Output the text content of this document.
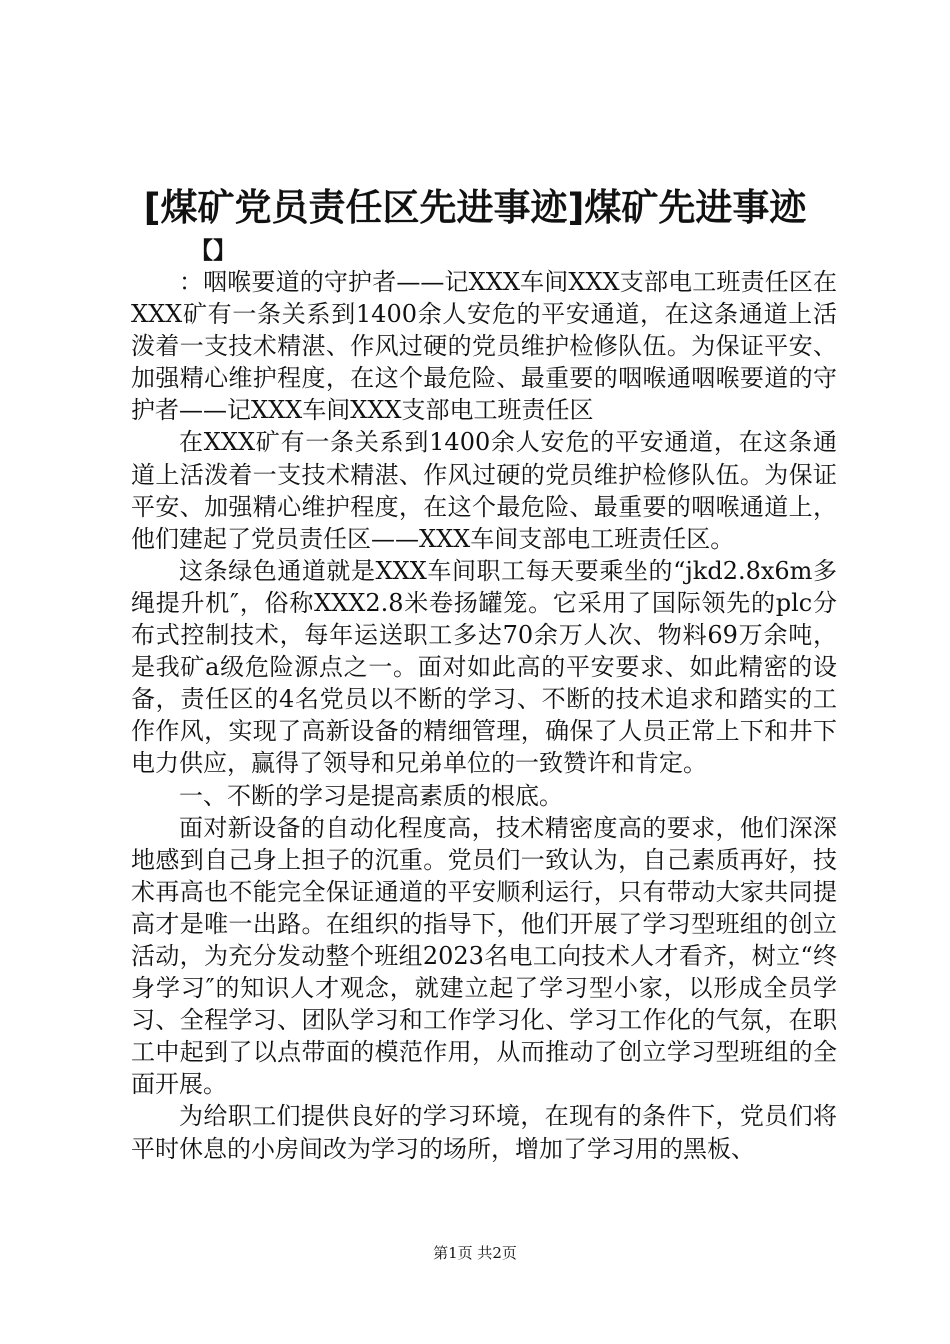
[煤矿党员责任区先进事迹]煤矿先进事迹
【】

：咽喉要道的守护者——记XXX车间XXX支部电工班责任区在XXX矿有一条关系到1400余人安危的平安通道，在这条通道上活泼着一支技术精湛、作风过硬的党员维护检修队伍。为保证平安、加强精心维护程度，在这个最危险、最重要的咽喉通咽喉要道的守护者——记XXX车间XXX支部电工班责任区

在XXX矿有一条关系到1400余人安危的平安通道，在这条通道上活泼着一支技术精湛、作风过硬的党员维护检修队伍。为保证平安、加强精心维护程度，在这个最危险、最重要的咽喉通道上，他们建起了党员责任区——XXX车间支部电工班责任区。

这条绿色通道就是XXX车间职工每天要乘坐的“jkd2.8x6m多绳提升机″，俗称XXX2.8米卷扬罐笼。它采用了国际领先的plc分布式控制技术，每年运送职工多达70余万人次、物料69万余吨，是我矿a级危险源点之一。面对如此高的平安要求、如此精密的设备，责任区的4名党员以不断的学习、不断的技术追求和踏实的工作作风，实现了高新设备的精细管理，确保了人员正常上下和井下电力供应，赢得了领导和兄弟单位的一致赞许和肯定。

一、不断的学习是提高素质的根底。

面对新设备的自动化程度高，技术精密度高的要求，他们深深地感到自己身上担子的沉重。党员们一致认为，自己素质再好，技术再高也不能完全保证通道的平安顺利运行，只有带动大家共同提高才是唯一出路。在组织的指导下，他们开展了学习型班组的创立活动，为充分发动整个班组2023名电工向技术人才看齐，树立“终身学习″的知识人才观念，就建立起了学习型小家，以形成全员学习、全程学习、团队学习和工作学习化、学习工作化的气氛，在职工中起到了以点带面的模范作用，从而推动了创立学习型班组的全面开展。

为给职工们提供良好的学习环境，在现有的条件下，党员们将平时休息的小房间改为学习的场所，增加了学习用的黑板、

第1页 共2页
